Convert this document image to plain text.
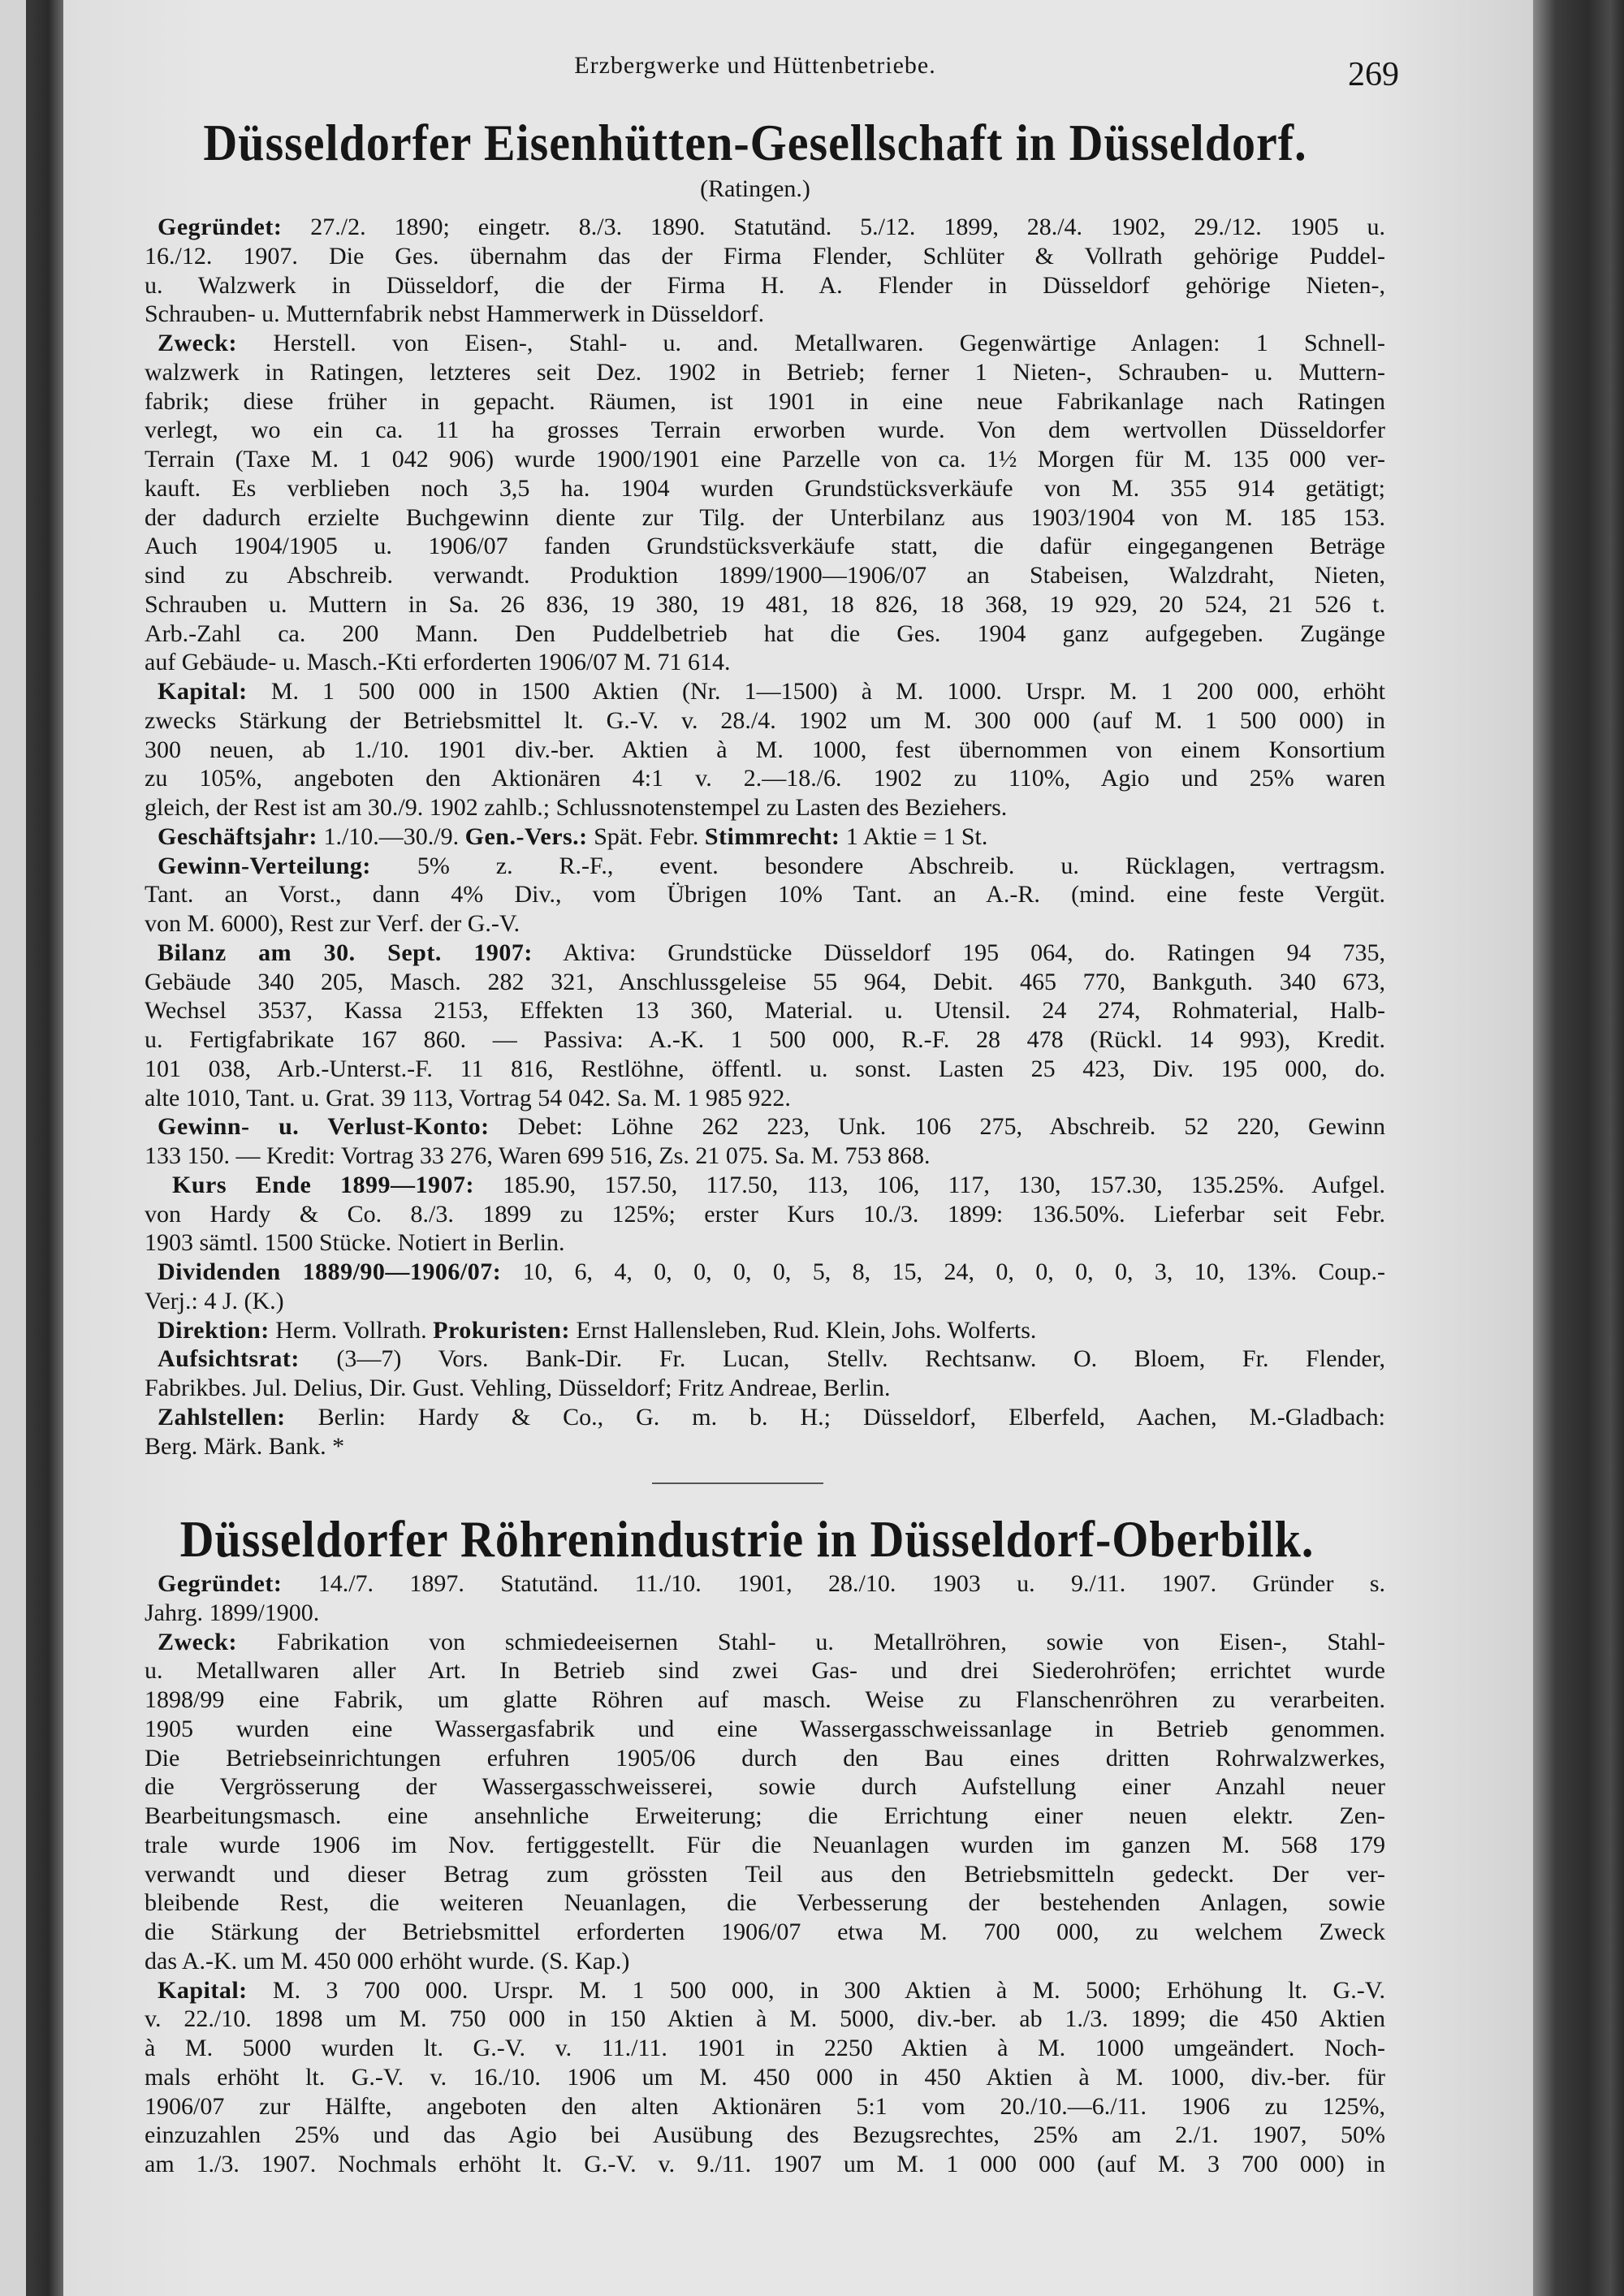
Erzbergwerke und Hüttenbetriebe.	269
Düsseldorfer Eisenhütten-Gesellschaft in Düsseldorf.
(Ratingen.)
Gegründet: 27./2. 1890; eingetr. 8./3. 1890. Statutänd. 5./12. 1899, 28./4. 1902, 29./12. 1905 u.
16./12. 1907. Die Ges. übernahm das der Firma Flender, Schlüter & Vollrath gehörige Puddel-
u. Walzwerk in Düsseldorf, die der Firma H. A. Flender in Düsseldorf gehörige Nieten-,
Schrauben- u. Mutternfabrik nebst Hammerwerk in Düsseldorf.
Zweck: Herstell. von Eisen-, Stahl- u. and. Metallwaren. Gegenwärtige Anlagen: 1 Schnell-
walzwerk in Ratingen, letzteres seit Dez. 1902 in Betrieb; ferner 1 Nieten-, Schrauben- u. Muttern-
fabrik; diese früher in gepacht. Räumen, ist 1901 in eine neue Fabrikanlage nach Ratingen
verlegt, wo ein ca. 11 ha grosses Terrain erworben wurde. Von dem wertvollen Düsseldorfer
Terrain (Taxe M. 1 042 906) wurde 1900/1901 eine Parzelle von ca. 1½ Morgen für M. 135 000 ver-
kauft. Es verblieben noch 3,5 ha. 1904 wurden Grundstücksverkäufe von M. 355 914 getätigt;
der dadurch erzielte Buchgewinn diente zur Tilg. der Unterbilanz aus 1903/1904 von M. 185 153.
Auch 1904/1905 u. 1906/07 fanden Grundstücksverkäufe statt, die dafür eingegangenen Beträge
sind zu Abschreib. verwandt. Produktion 1899/1900—1906/07 an Stabeisen, Walzdraht, Nieten,
Schrauben u. Muttern in Sa. 26 836, 19 380, 19 481, 18 826, 18 368, 19 929, 20 524, 21 526 t.
Arb.-Zahl ca. 200 Mann. Den Puddelbetrieb hat die Ges. 1904 ganz aufgegeben. Zugänge
auf Gebäude- u. Masch.-Kti erforderten 1906/07 M. 71 614.
Kapital: M. 1 500 000 in 1500 Aktien (Nr. 1—1500) à M. 1000. Urspr. M. 1 200 000, erhöht
zwecks Stärkung der Betriebsmittel lt. G.-V. v. 28./4. 1902 um M. 300 000 (auf M. 1 500 000) in
300 neuen, ab 1./10. 1901 div.-ber. Aktien à M. 1000, fest übernommen von einem Konsortium
zu 105%, angeboten den Aktionären 4:1 v. 2.—18./6. 1902 zu 110%, Agio und 25% waren
gleich, der Rest ist am 30./9. 1902 zahlb.; Schlussnotenstempel zu Lasten des Beziehers.
Geschäftsjahr: 1./10.—30./9. Gen.-Vers.: Spät. Febr. Stimmrecht: 1 Aktie = 1 St.
Gewinn-Verteilung: 5% z. R.-F., event. besondere Abschreib. u. Rücklagen, vertragsm.
Tant. an Vorst., dann 4% Div., vom Übrigen 10% Tant. an A.-R. (mind. eine feste Vergüt.
von M. 6000), Rest zur Verf. der G.-V.
Bilanz am 30. Sept. 1907: Aktiva: Grundstücke Düsseldorf 195 064, do. Ratingen 94 735,
Gebäude 340 205, Masch. 282 321, Anschlussgeleise 55 964, Debit. 465 770, Bankguth. 340 673,
Wechsel 3537, Kassa 2153, Effekten 13 360, Material. u. Utensil. 24 274, Rohmaterial, Halb-
u. Fertigfabrikate 167 860. — Passiva: A.-K. 1 500 000, R.-F. 28 478 (Rückl. 14 993), Kredit.
101 038, Arb.-Unterst.-F. 11 816, Restlöhne, öffentl. u. sonst. Lasten 25 423, Div. 195 000, do.
alte 1010, Tant. u. Grat. 39 113, Vortrag 54 042. Sa. M. 1 985 922.
Gewinn- u. Verlust-Konto: Debet: Löhne 262 223, Unk. 106 275, Abschreib. 52 220, Gewinn
133 150. — Kredit: Vortrag 33 276, Waren 699 516, Zs. 21 075. Sa. M. 753 868.
Kurs Ende 1899—1907: 185.90, 157.50, 117.50, 113, 106, 117, 130, 157.30, 135.25%. Aufgel.
von Hardy & Co. 8./3. 1899 zu 125%; erster Kurs 10./3. 1899: 136.50%. Lieferbar seit Febr.
1903 sämtl. 1500 Stücke. Notiert in Berlin.
Dividenden 1889/90—1906/07: 10, 6, 4, 0, 0, 0, 0, 5, 8, 15, 24, 0, 0, 0, 0, 3, 10, 13%. Coup.-
Verj.: 4 J. (K.)
Direktion: Herm. Vollrath. Prokuristen: Ernst Hallensleben, Rud. Klein, Johs. Wolferts.
Aufsichtsrat: (3—7) Vors. Bank-Dir. Fr. Lucan, Stellv. Rechtsanw. O. Bloem, Fr. Flender,
Fabrikbes. Jul. Delius, Dir. Gust. Vehling, Düsseldorf; Fritz Andreae, Berlin.
Zahlstellen: Berlin: Hardy & Co., G. m. b. H.; Düsseldorf, Elberfeld, Aachen, M.-Gladbach:
Berg. Märk. Bank. *
Düsseldorfer Röhrenindustrie in Düsseldorf-Oberbilk.
Gegründet: 14./7. 1897. Statutänd. 11./10. 1901, 28./10. 1903 u. 9./11. 1907. Gründer s.
Jahrg. 1899/1900.
Zweck: Fabrikation von schmiedeeisernen Stahl- u. Metallröhren, sowie von Eisen-, Stahl-
u. Metallwaren aller Art. In Betrieb sind zwei Gas- und drei Siederohröfen; errichtet wurde
1898/99 eine Fabrik, um glatte Röhren auf masch. Weise zu Flanschenröhren zu verarbeiten.
1905 wurden eine Wassergasfabrik und eine Wassergasschweissanlage in Betrieb genommen.
Die Betriebseinrichtungen erfuhren 1905/06 durch den Bau eines dritten Rohrwalzwerkes,
die Vergrösserung der Wassergasschweisserei, sowie durch Aufstellung einer Anzahl neuer
Bearbeitungsmasch. eine ansehnliche Erweiterung; die Errichtung einer neuen elektr. Zen-
trale wurde 1906 im Nov. fertiggestellt. Für die Neuanlagen wurden im ganzen M. 568 179
verwandt und dieser Betrag zum grössten Teil aus den Betriebsmitteln gedeckt. Der ver-
bleibende Rest, die weiteren Neuanlagen, die Verbesserung der bestehenden Anlagen, sowie
die Stärkung der Betriebsmittel erforderten 1906/07 etwa M. 700 000, zu welchem Zweck
das A.-K. um M. 450 000 erhöht wurde. (S. Kap.)
Kapital: M. 3 700 000. Urspr. M. 1 500 000, in 300 Aktien à M. 5000; Erhöhung lt. G.-V.
v. 22./10. 1898 um M. 750 000 in 150 Aktien à M. 5000, div.-ber. ab 1./3. 1899; die 450 Aktien
à M. 5000 wurden lt. G.-V. v. 11./11. 1901 in 2250 Aktien à M. 1000 umgeändert. Noch-
mals erhöht lt. G.-V. v. 16./10. 1906 um M. 450 000 in 450 Aktien à M. 1000, div.-ber. für
1906/07 zur Hälfte, angeboten den alten Aktionären 5:1 vom 20./10.—6./11. 1906 zu 125%,
einzuzahlen 25% und das Agio bei Ausübung des Bezugsrechtes, 25% am 2./1. 1907, 50%
am 1./3. 1907. Nochmals erhöht lt. G.-V. v. 9./11. 1907 um M. 1 000 000 (auf M. 3 700 000) in
